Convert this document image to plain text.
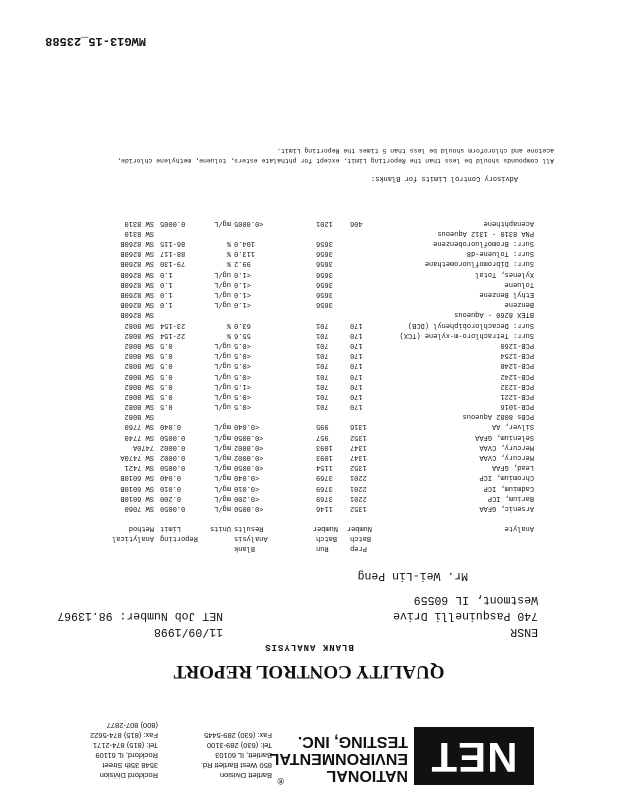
NET
NATIONAL
ENVIRONMENTAL
TESTING, INC.
®
Bartlett Division
850 West Bartlett Rd.
Bartlett, IL 60103
Tel: (630) 289-3100
Fax: (630) 289-5445
Rockford Division
3548 35th Street
Rockford, IL 61109
Tel: (815) 874-2171
Fax: (815) 874-5622
(800) 807-2877
QUALITY CONTROL REPORT
BLANK ANALYSIS
ENSR
11/09/1998
740 Pasquinelli Drive
NET Job Number: 98.13967
Westmont, IL 60559
Mr. Wei-Lin Peng
Prep
Run
Blank
Batch
Batch
Analysis
Reporting
Analytical
Analyte
Number
Number
Results
Units
Limit
Method
Arsenic, GFAA
1352
1146
<0.0050
mg/L
0.0050
SW 7060
Barium, ICP
2201
3769
<0.200
mg/L
0.200
SW 6010B
Cadmium, ICP
2201
3769
<0.010
mg/L
0.010
SW 6010B
Chromium, ICP
2201
3769
<0.040
mg/L
0.040
SW 6010B
Lead, GFAA
1352
1154
<0.0050
mg/L
0.0050
SW 7421
Mercury, CVAA
1347
1093
<0.0002
mg/L
0.0002
SW 7470A
Mercury, CVAA
1347
1093
<0.0002
mg/L
0.0002
7470A
Selenium, GFAA
1352
957
<0.0050
mg/L
0.0050
SW 7740
Silver, AA
1316
995
<0.040
mg/L
0.040
SW 7760
PCBs 8082 Aqueous
SW 8082
PCB-1016
170
701
<0.5
ug/L
0.5
SW 8082
PCB-1221
170
701
<0.5
ug/L
0.5
SW 8082
PCB-1232
170
701
<1.5
ug/L
0.5
SW 8082
PCB-1242
170
701
<0.5
ug/L
0.5
SW 8082
PCB-1248
170
701
<0.5
ug/L
0.5
SW 8082
PCB-1254
170
701
<0.5
ug/L
0.5
SW 8082
PCB-1260
170
701
<0.5
ug/L
0.5
SW 8082
Surr: Tetrachloro-m-xylene (TCX)
170
701
55.6
%
22-154
SW 8082
Surr: Decachlorobiphenyl (DCB)
170
701
63.0
%
23-154
SW 8082
BTEX 8260 - Aqueous
SW 8260B
Benzene
3656
<1.0
ug/L
1.0
SW 8260B
Ethyl Benzene
3656
<1.0
ug/L
1.0
SW 8260B
Toluene
3656
<1.0
ug/L
1.0
SW 8260B
Xylenes, Total
3656
<1.0
ug/L
1.0
SW 8260B
Surr: Dibromofluoromethane
3656
99.2
%
79-130
SW 8260B
Surr: Toluene-d8
3656
113.0
%
88-117
SW 8260B
Surr: Bromofluorobenzene
3656
104.0
%
86-115
SW 8260B
PNA 8310 - 1312 Aqueous
SW 8310
Acenaphthene
406
1201
<0.0005
mg/L
0.0005
SW 8310
Advisory Control Limits for Blanks:
All compounds should be less than the Reporting Limit, except for phthalate esters, toluene, methylene chloride,
acetone and chloroform should be less than 5 times the Reporting Limit.
MWG13-15_23588
